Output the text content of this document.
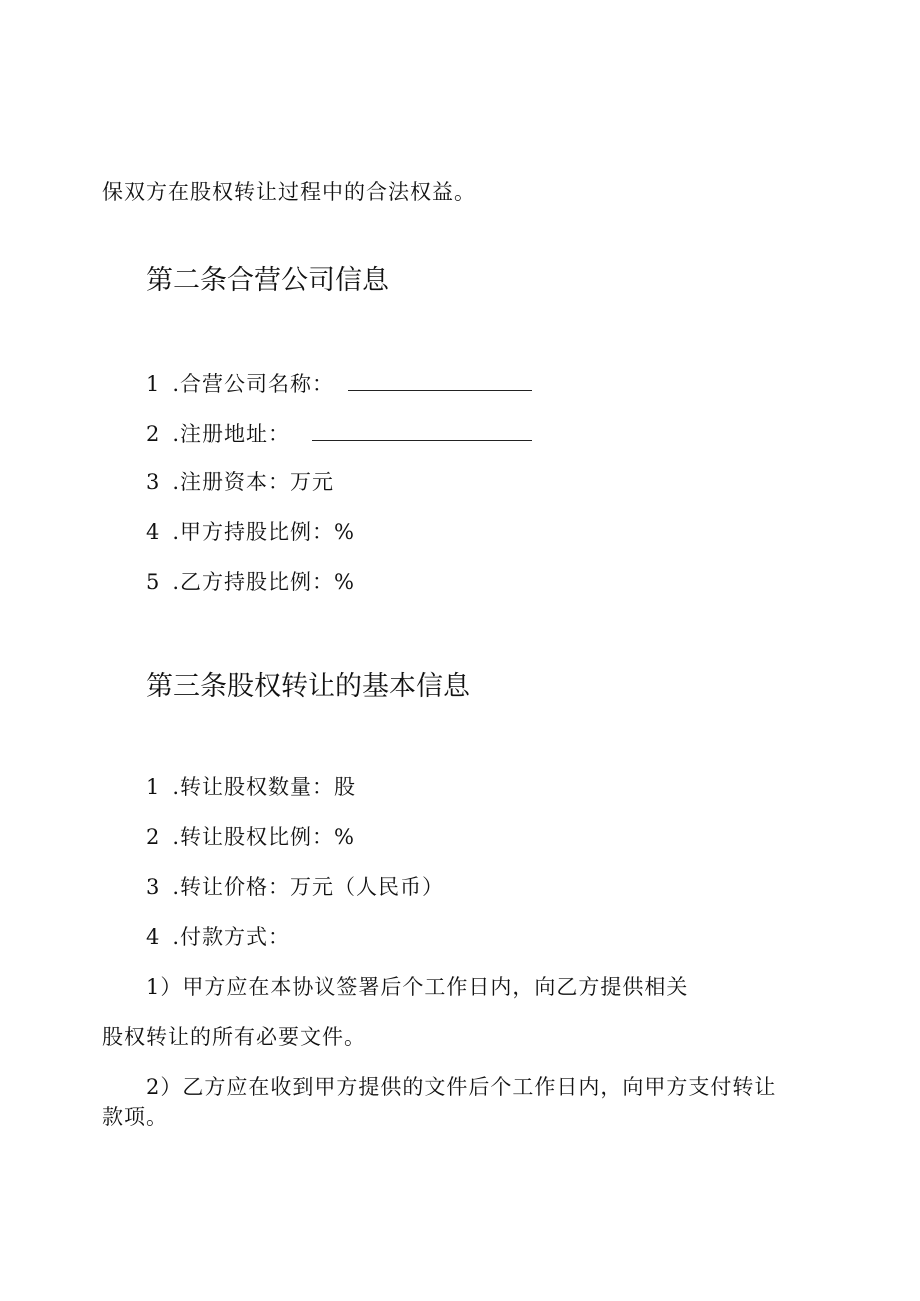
保双方在股权转让过程中的合法权益。
第二条合营公司信息
1 .合营公司名称：
2 .注册地址：
3 .注册资本：万元
4 .甲方持股比例：%
5 .乙方持股比例：%
第三条股权转让的基本信息
1 .转让股权数量：股
2 .转让股权比例：%
3 .转让价格：万元（人民币）
4 .付款方式：
1）甲方应在本协议签署后个工作日内，向乙方提供相关
股权转让的所有必要文件。
2）乙方应在收到甲方提供的文件后个工作日内，向甲方支付转让
款项。
